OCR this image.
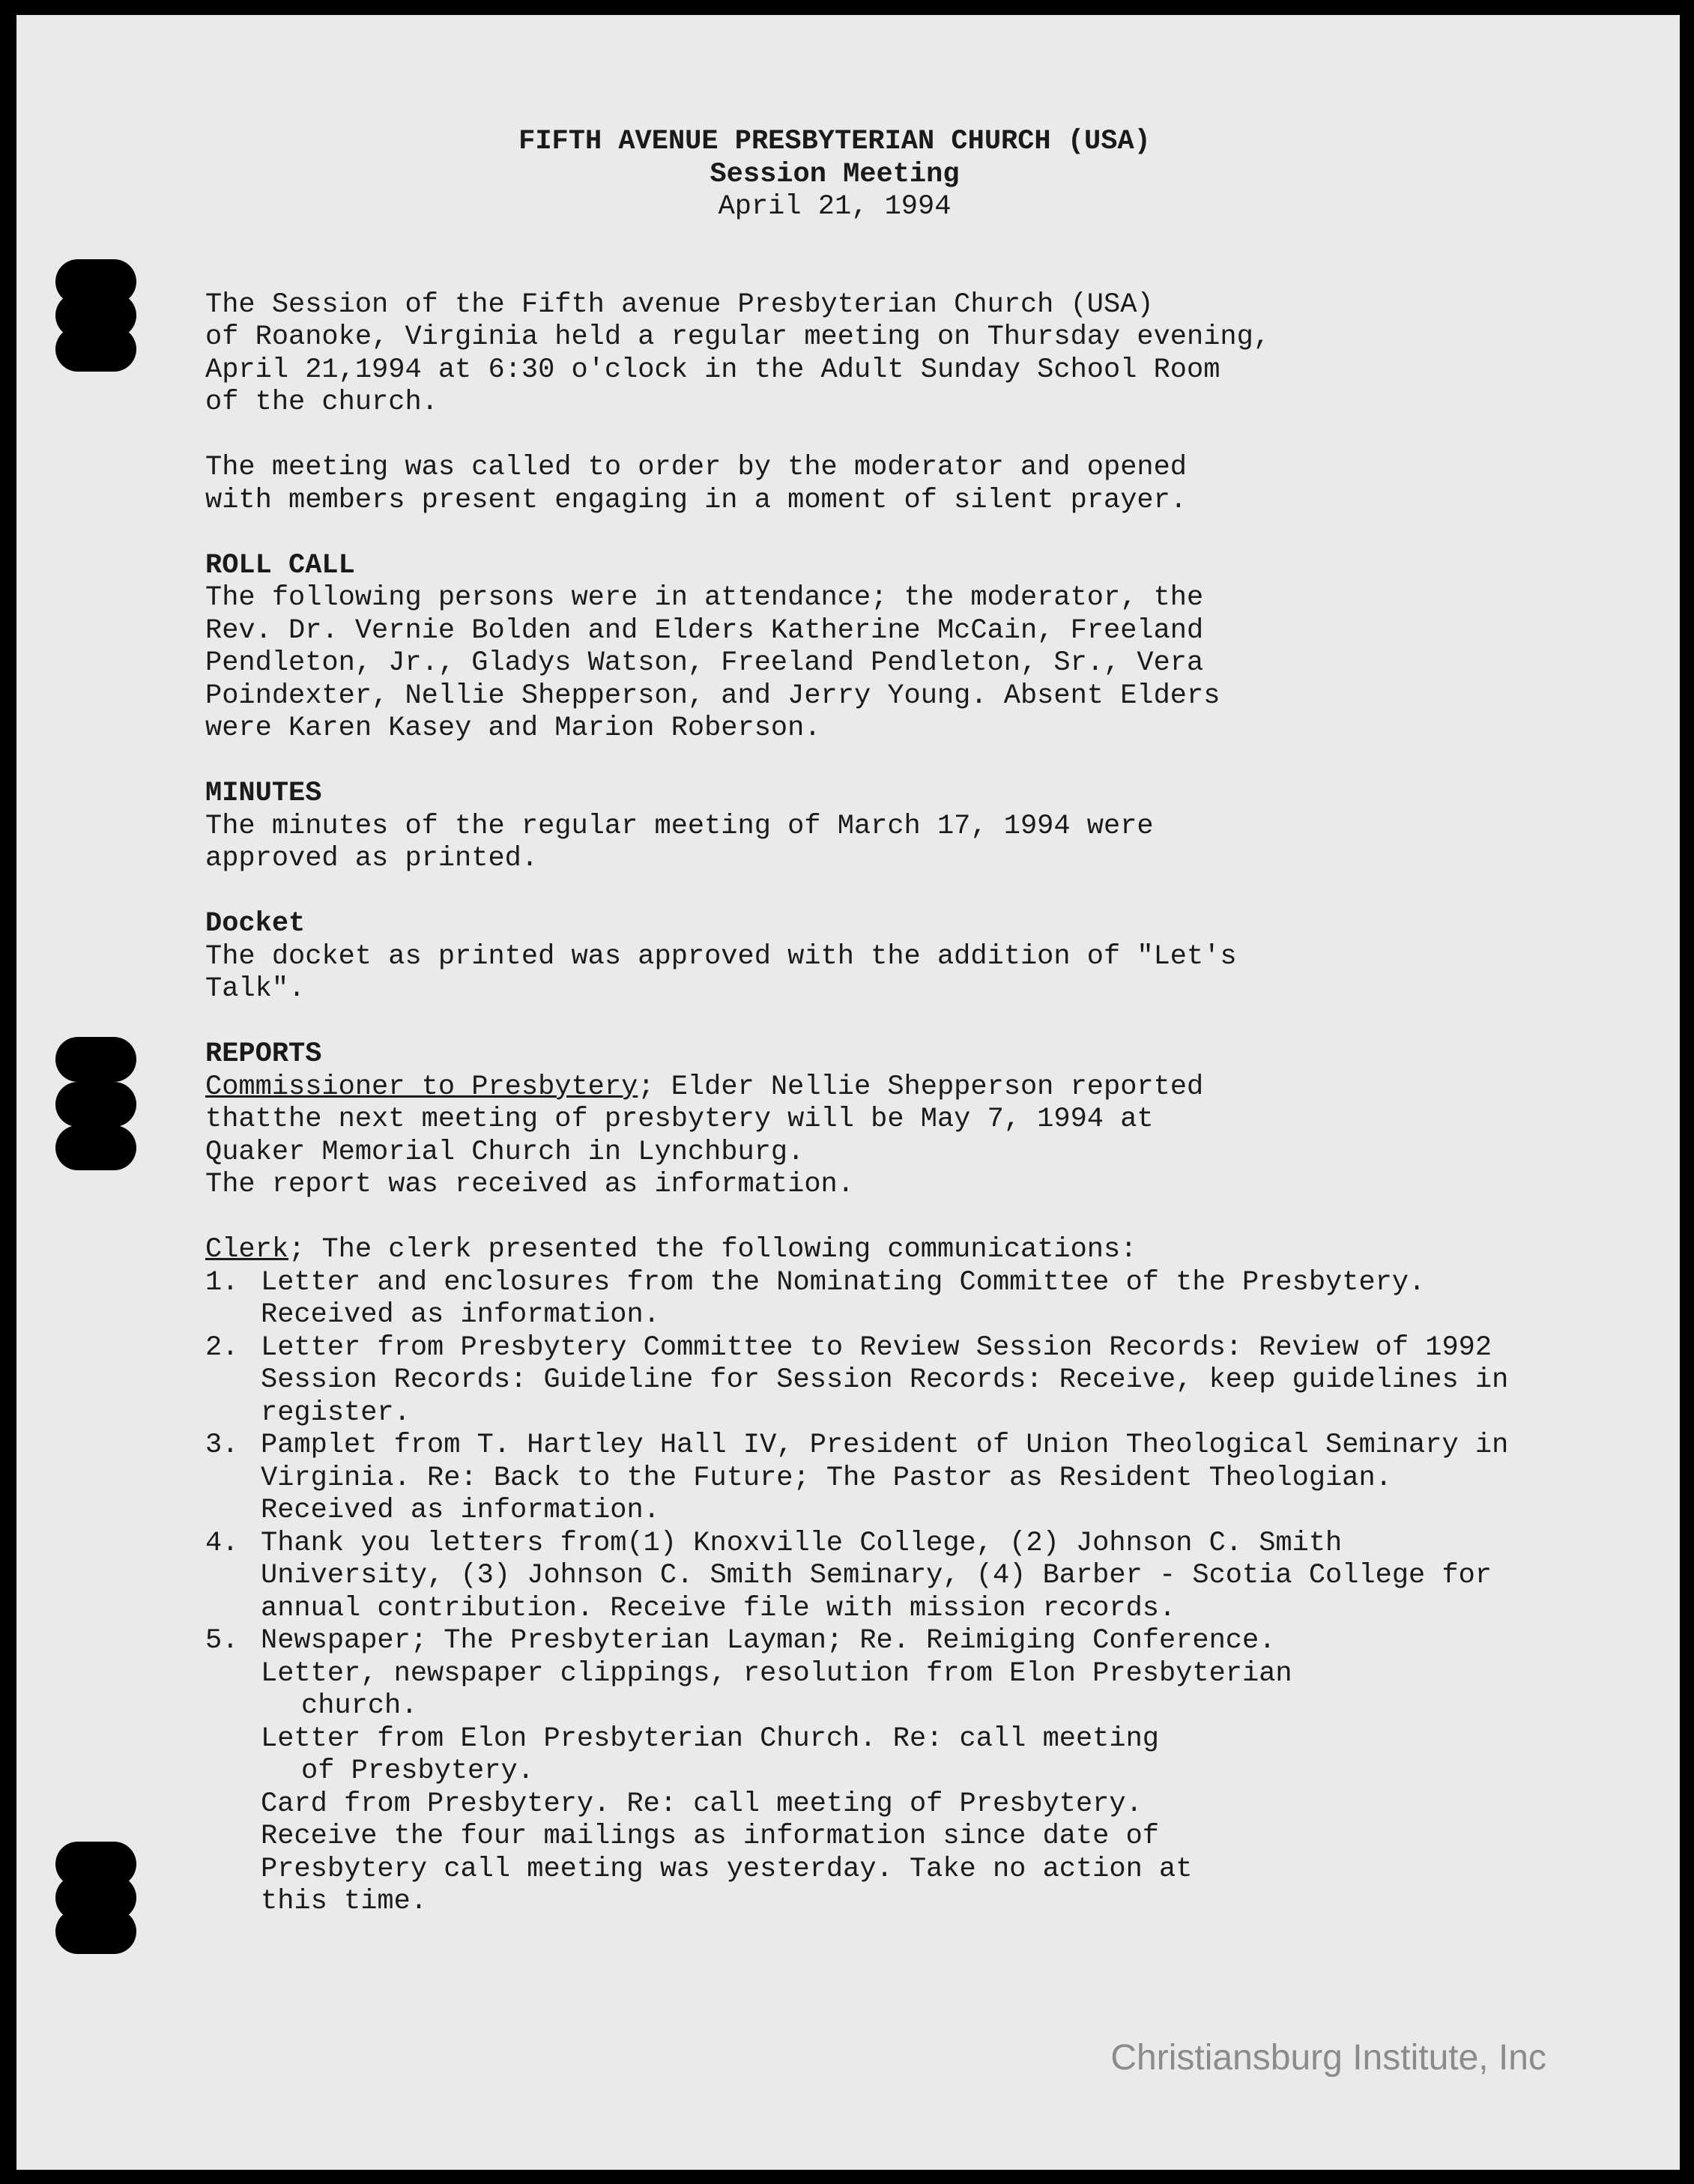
FIFTH AVENUE PRESBYTERIAN CHURCH (USA)
Session Meeting
April 21, 1994
The Session of the Fifth avenue Presbyterian Church (USA)
of Roanoke, Virginia held a regular meeting on Thursday evening,
April 21,1994 at 6:30 o'clock in the Adult Sunday School Room
of the church.
The meeting was called to order by the moderator and opened
with members present engaging in a moment of silent prayer.
ROLL CALL
The following persons were in attendance; the moderator, the
Rev. Dr. Vernie Bolden and Elders Katherine McCain, Freeland
Pendleton, Jr., Gladys Watson, Freeland Pendleton, Sr., Vera
Poindexter, Nellie Shepperson, and Jerry Young. Absent Elders
were Karen Kasey and Marion Roberson.
MINUTES
The minutes of the regular meeting of March 17, 1994 were
approved as printed.
Docket
The docket as printed was approved with the addition of "Let's
Talk".
REPORTS
Commissioner to Presbytery; Elder Nellie Shepperson reported
thatthe next meeting of presbytery will be May 7, 1994 at
Quaker Memorial Church in Lynchburg.
The report was received as information.
Clerk; The clerk presented the following communications:
1. Letter and enclosures from the Nominating Committee of the Presbytery. Received as information.
2. Letter from Presbytery Committee to Review Session Records: Review of 1992 Session Records: Guideline for Session Records: Receive, keep guidelines in register.
3. Pamplet from T. Hartley Hall IV, President of Union Theological Seminary in Virginia. Re: Back to the Future; The Pastor as Resident Theologian. Received as information.
4. Thank you letters from(1) Knoxville College, (2) Johnson C. Smith University, (3) Johnson C. Smith Seminary, (4) Barber - Scotia College for annual contribution. Receive file with mission records.
5. Newspaper; The Presbyterian Layman; Re. Reimiging Conference.
Letter, newspaper clippings, resolution from Elon Presbyterian
church.
Letter from Elon Presbyterian Church. Re: call meeting
of Presbytery.
Card from Presbytery. Re: call meeting of Presbytery.
Receive the four mailings as information since date of
Presbytery call meeting was yesterday. Take no action at
this time.
Christiansburg Institute, Inc
